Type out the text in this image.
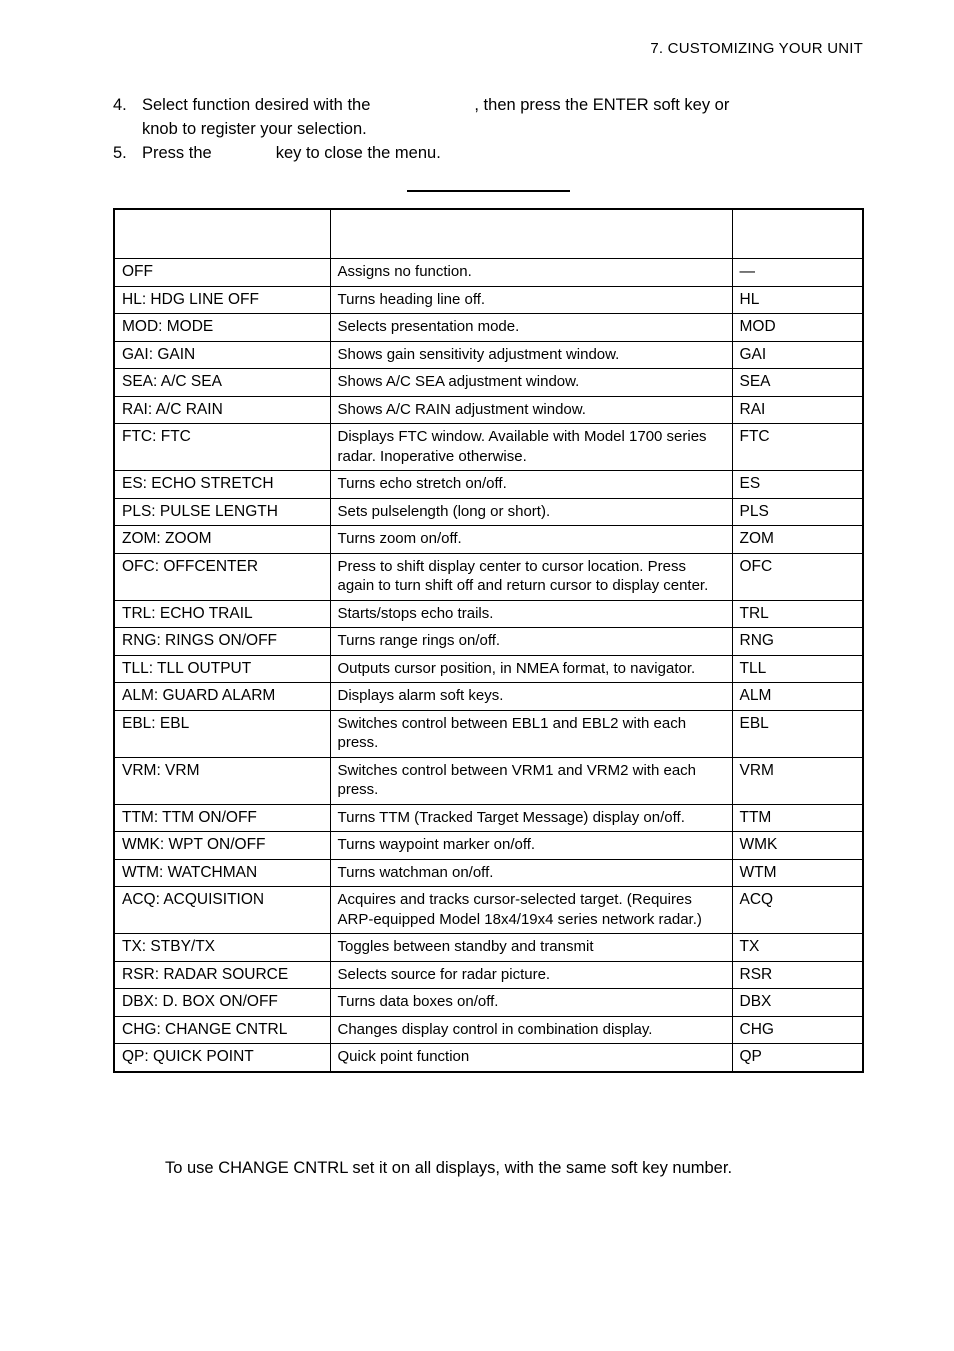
7. CUSTOMIZING YOUR UNIT
4. Select function desired with the	, then press the ENTER soft key or
knob to register your selection.
5. Press the	key to close the menu.

OFF	Assigns no function.	—
HL: HDG LINE OFF	Turns heading line off.	HL
MOD: MODE	Selects presentation mode.	MOD
GAI: GAIN	Shows gain sensitivity adjustment window.	GAI
SEA: A/C SEA	Shows A/C SEA adjustment window.	SEA
RAI: A/C RAIN	Shows A/C RAIN adjustment window.	RAI
FTC: FTC	Displays FTC window. Available with Model 1700 series radar. Inoperative otherwise.	FTC
ES: ECHO STRETCH	Turns echo stretch on/off.	ES
PLS: PULSE LENGTH	Sets pulselength (long or short).	PLS
ZOM: ZOOM	Turns zoom on/off.	ZOM
OFC: OFFCENTER	Press to shift display center to cursor location. Press again to turn shift off and return cursor to display center.	OFC
TRL: ECHO TRAIL	Starts/stops echo trails.	TRL
RNG: RINGS ON/OFF	Turns range rings on/off.	RNG
TLL: TLL OUTPUT	Outputs cursor position, in NMEA format, to navigator.	TLL
ALM: GUARD ALARM	Displays alarm soft keys.	ALM
EBL: EBL	Switches control between EBL1 and EBL2 with each press.	EBL
VRM: VRM	Switches control between VRM1 and VRM2 with each press.	VRM
TTM: TTM ON/OFF	Turns TTM (Tracked Target Message) display on/off.	TTM
WMK: WPT ON/OFF	Turns waypoint marker on/off.	WMK
WTM: WATCHMAN	Turns watchman on/off.	WTM
ACQ: ACQUISITION	Acquires and tracks cursor-selected target. (Requires ARP-equipped Model 18x4/19x4 series network radar.)	ACQ
TX: STBY/TX	Toggles between standby and transmit	TX
RSR: RADAR SOURCE	Selects source for radar picture.	RSR
DBX: D. BOX ON/OFF	Turns data boxes on/off.	DBX
CHG: CHANGE CNTRL	Changes display control in combination display.	CHG
QP: QUICK POINT	Quick point function	QP
To use CHANGE CNTRL set it on all displays, with the same soft key number.
